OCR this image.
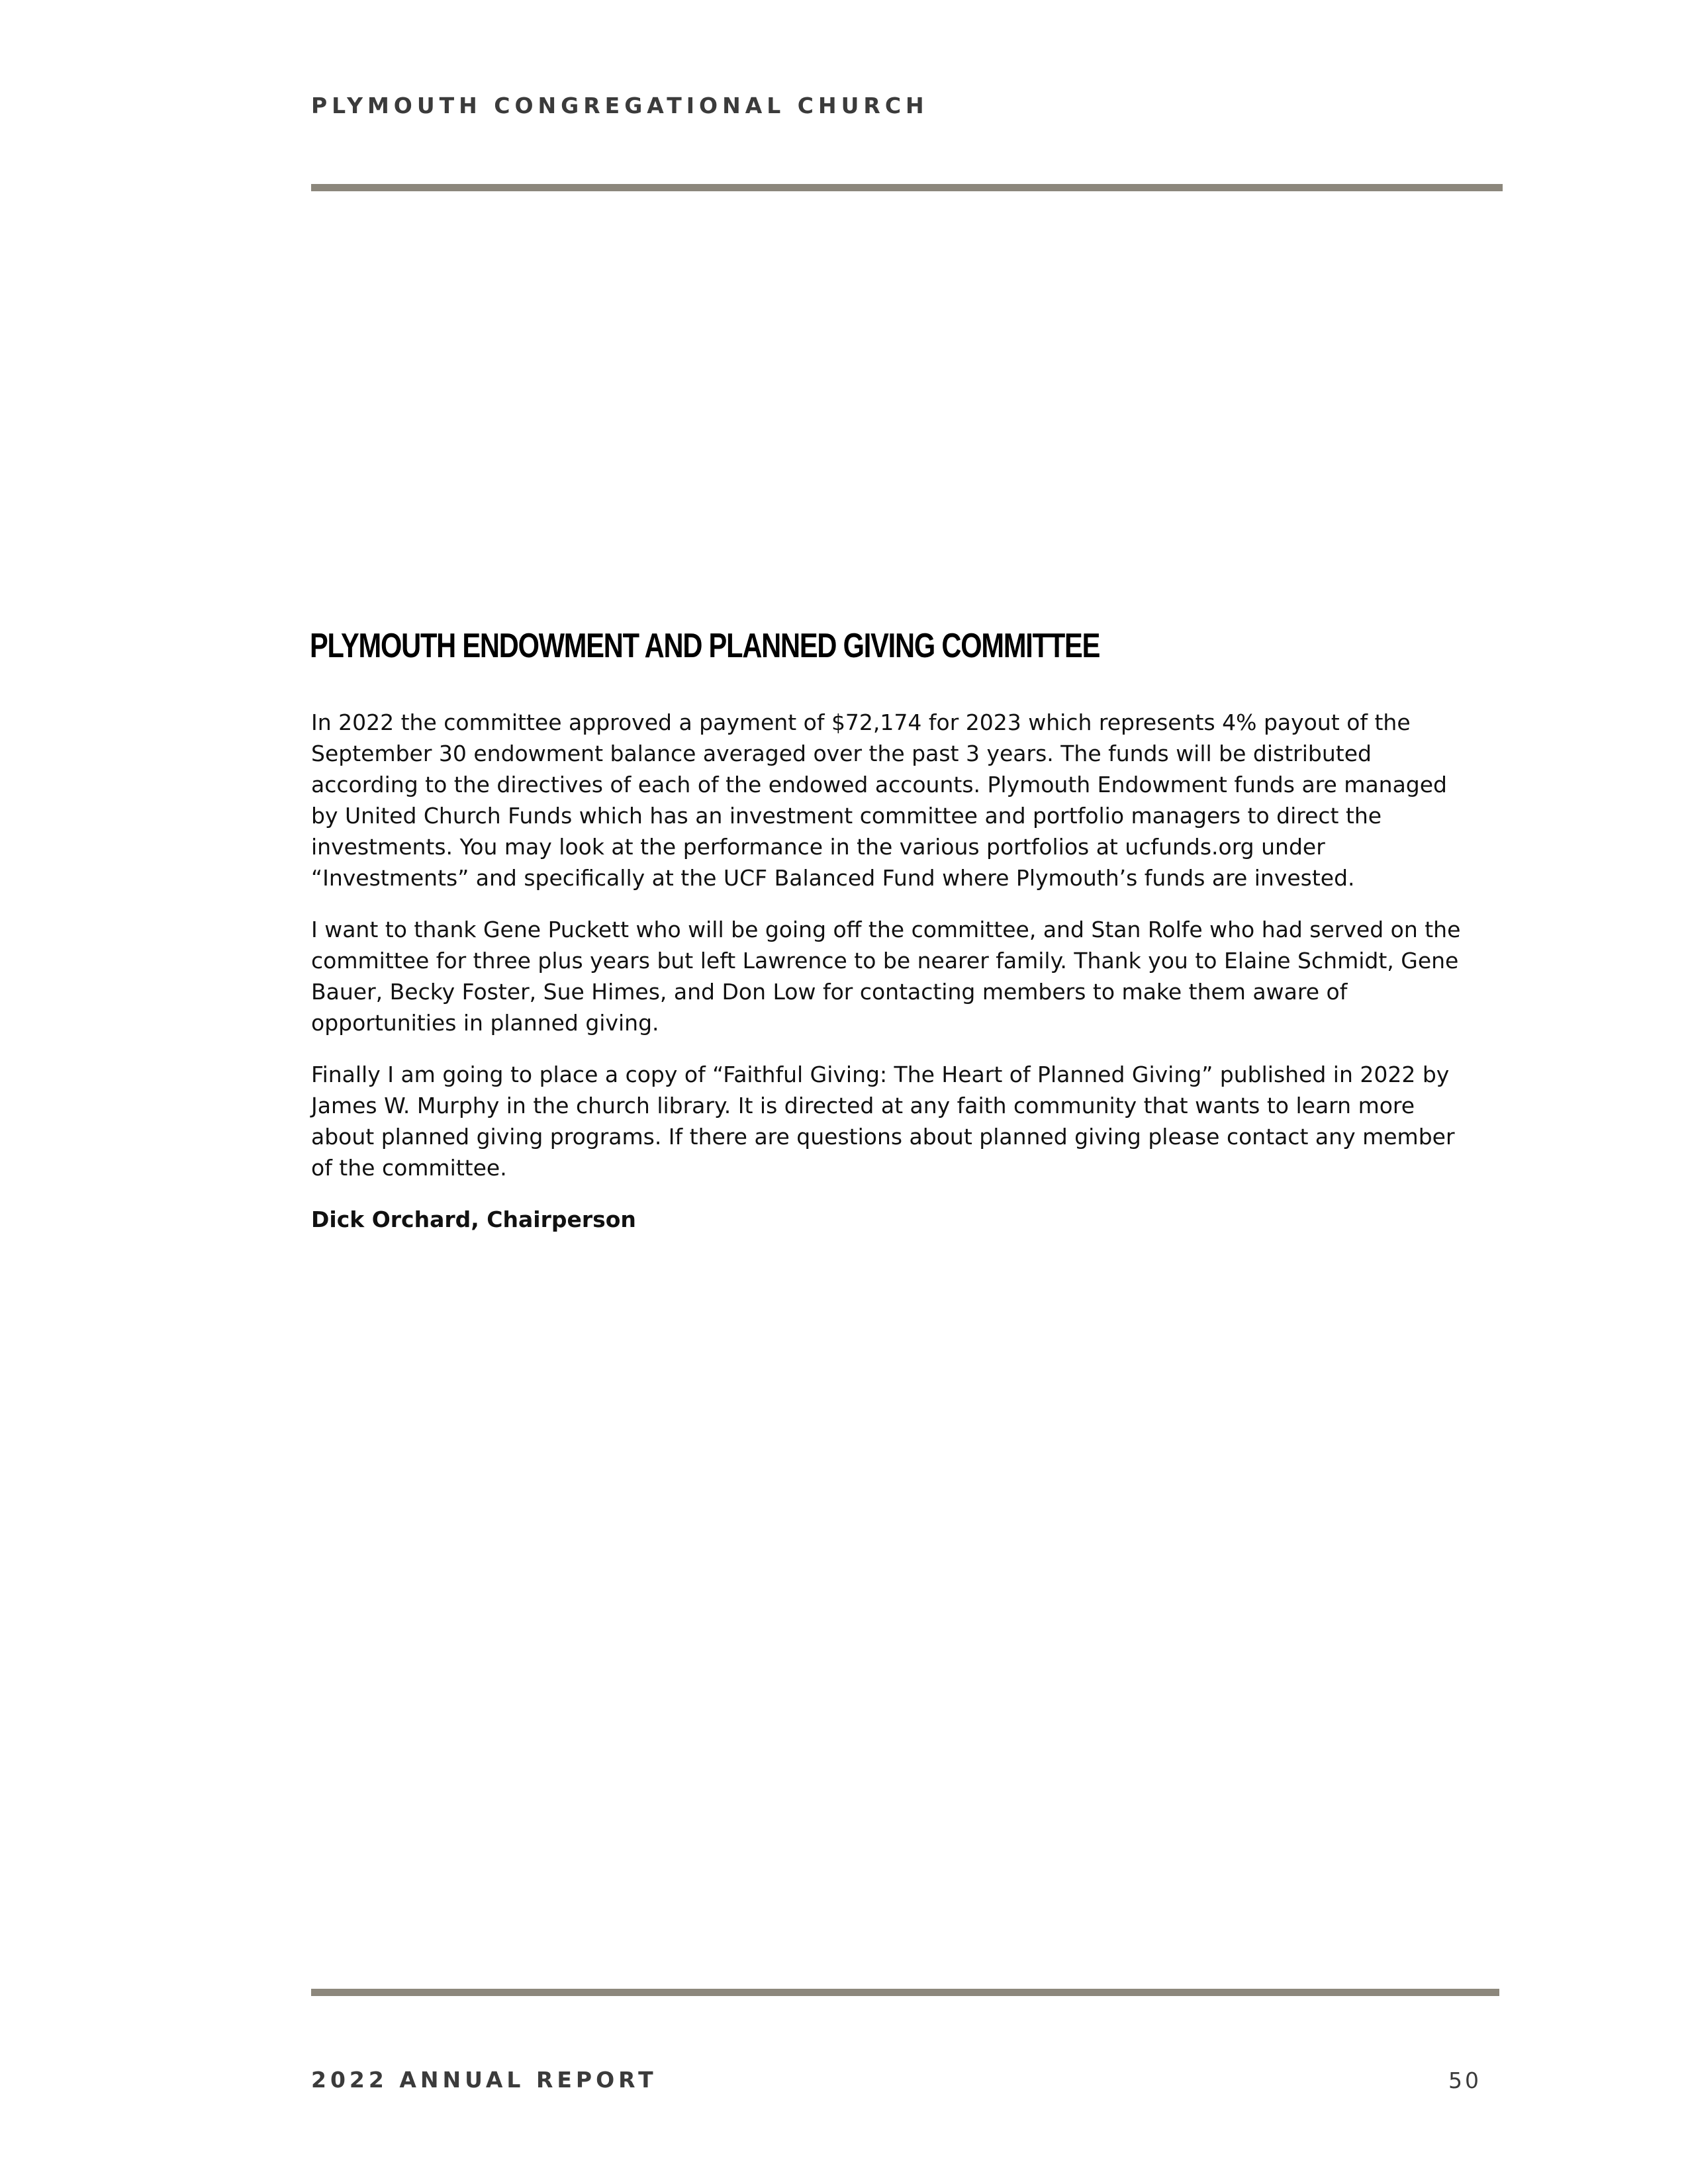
PLYMOUTH CONGREGATIONAL CHURCH
PLYMOUTH ENDOWMENT AND PLANNED GIVING COMMITTEE

In 2022 the committee approved a payment of $72,174 for 2023 which represents 4% payout of the
September 30 endowment balance averaged over the past 3 years. The funds will be distributed
according to the directives of each of the endowed accounts. Plymouth Endowment funds are managed
by United Church Funds which has an investment committee and portfolio managers to direct the
investments. You may look at the performance in the various portfolios at ucfunds.org under
“Investments” and specifically at the UCF Balanced Fund where Plymouth’s funds are invested.

I want to thank Gene Puckett who will be going off the committee, and Stan Rolfe who had served on the
committee for three plus years but left Lawrence to be nearer family. Thank you to Elaine Schmidt, Gene
Bauer, Becky Foster, Sue Himes, and Don Low for contacting members to make them aware of
opportunities in planned giving.

Finally I am going to place a copy of “Faithful Giving: The Heart of Planned Giving” published in 2022 by
James W. Murphy in the church library. It is directed at any faith community that wants to learn more
about planned giving programs. If there are questions about planned giving please contact any member
of the committee.

Dick Orchard, Chairperson

2022 ANNUAL REPORT	50
